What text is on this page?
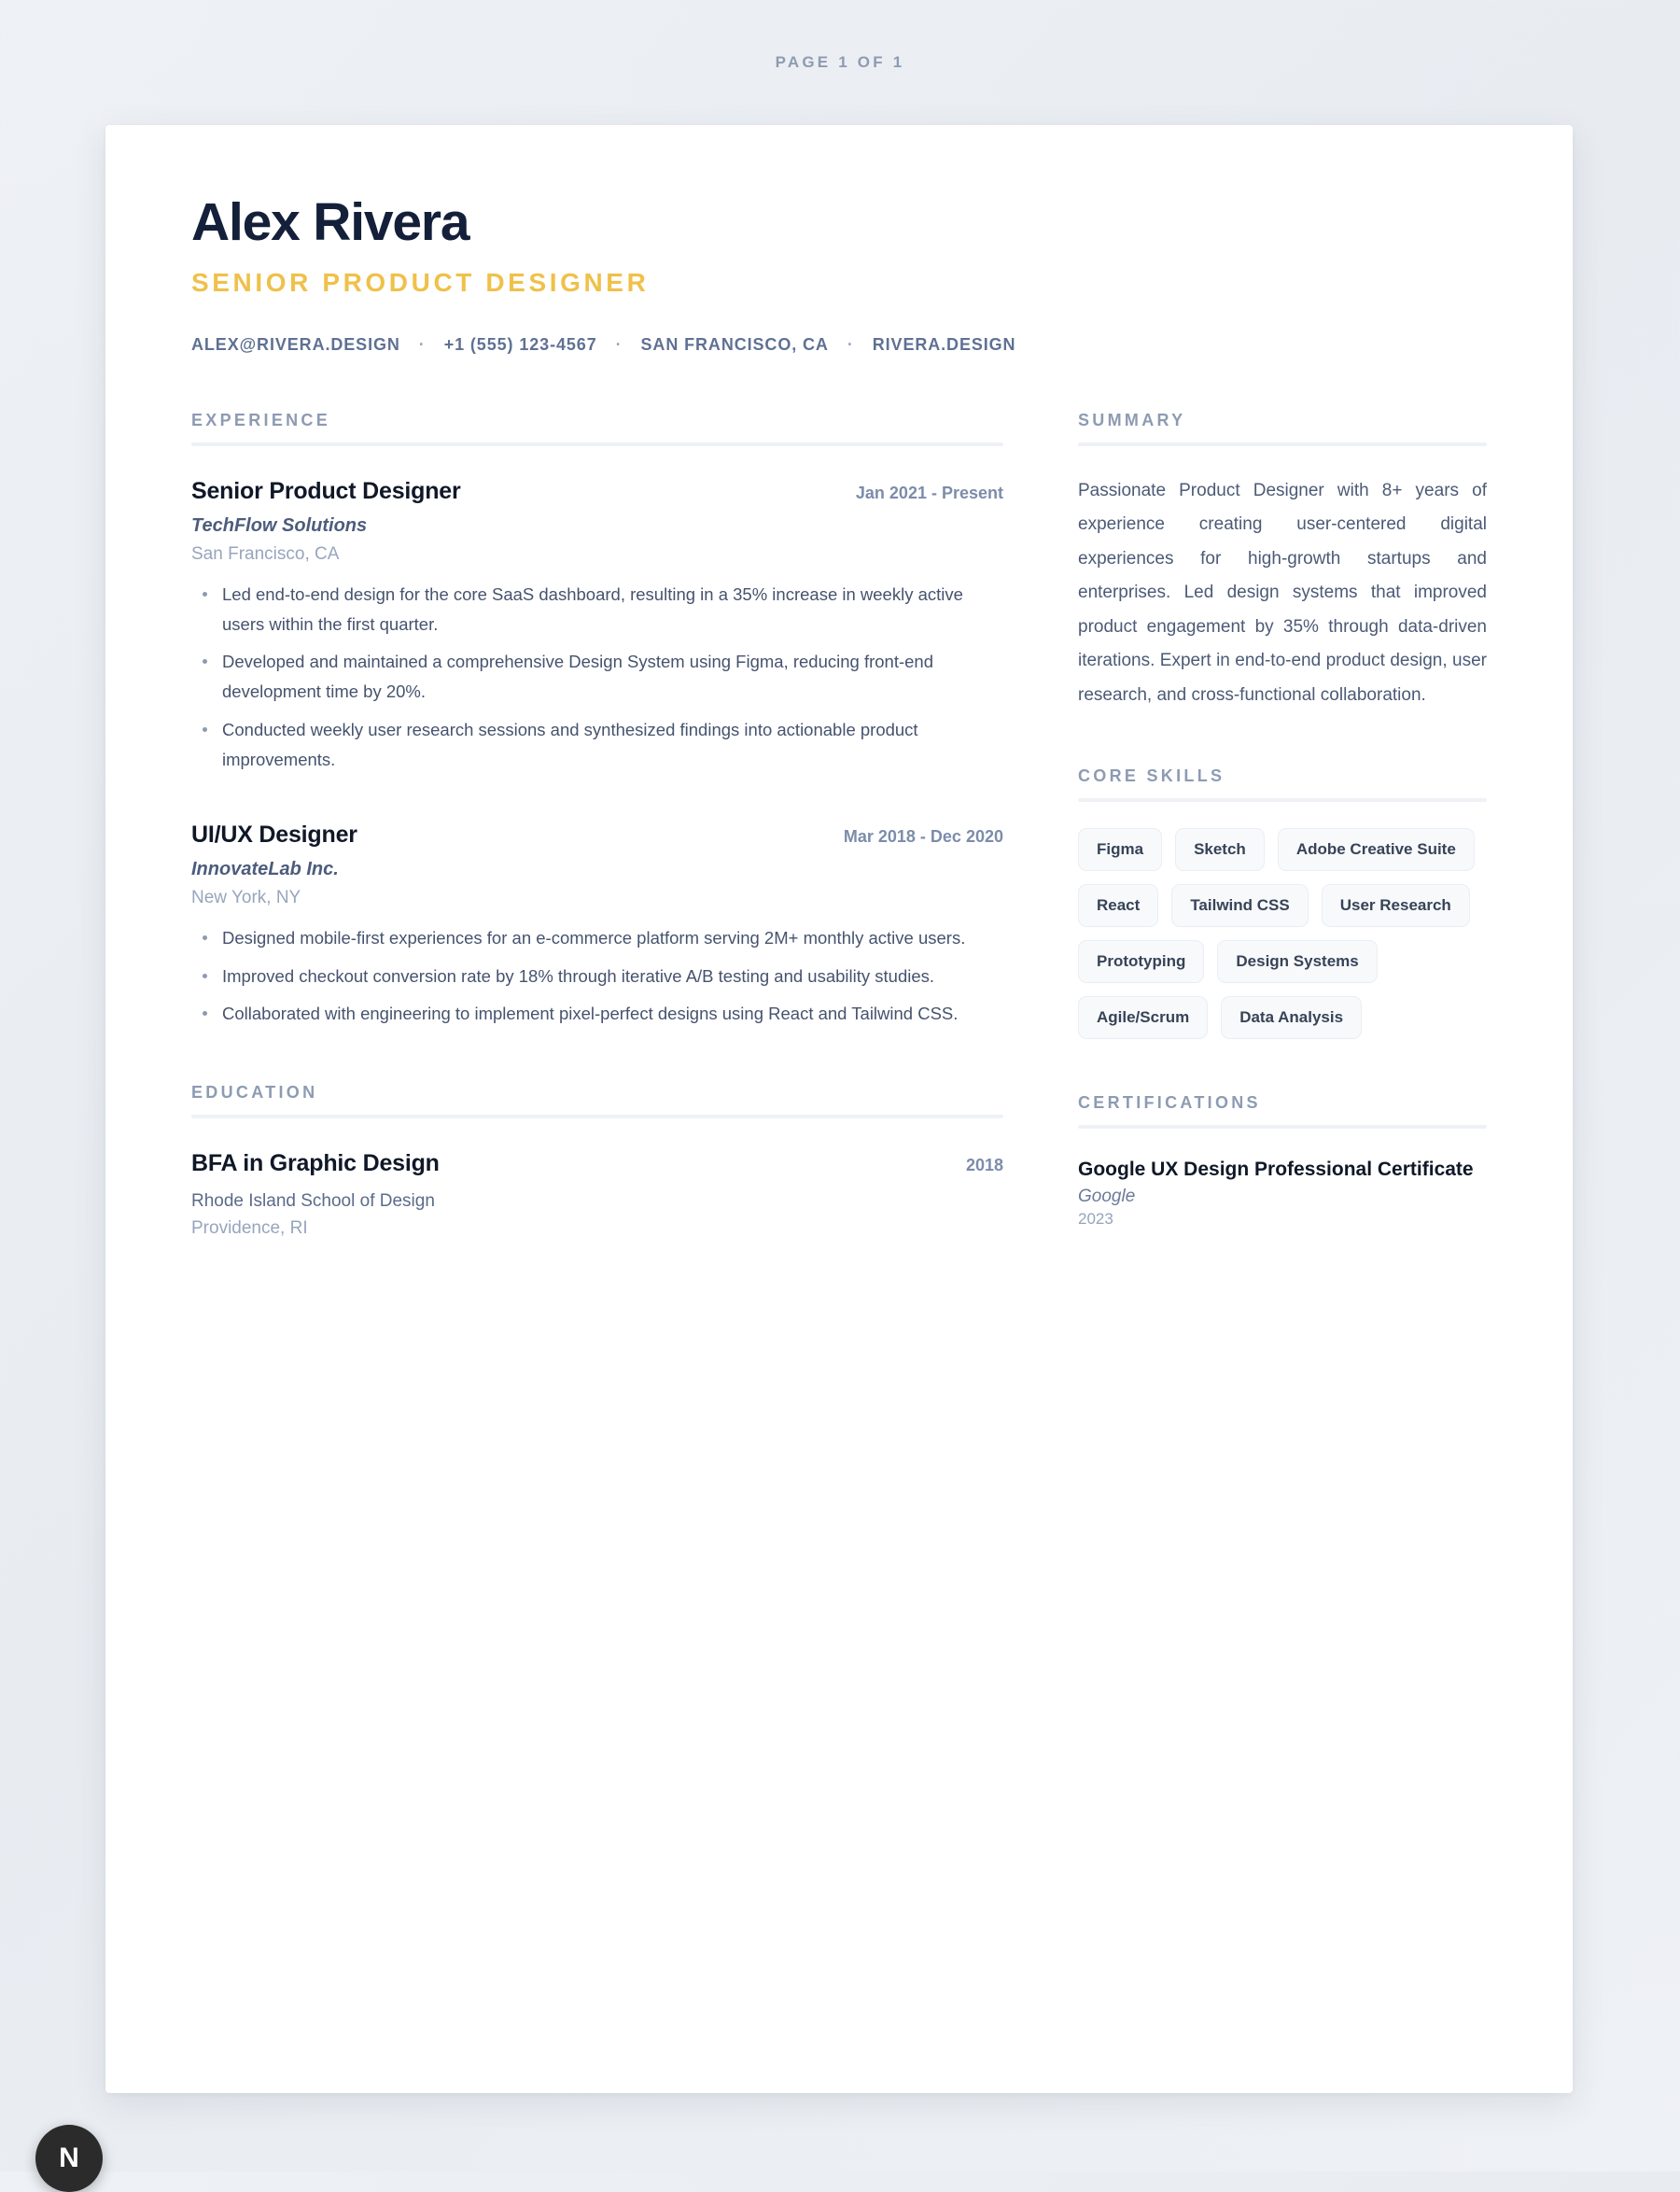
PAGE 1 OF 1
Alex Rivera
SENIOR PRODUCT DESIGNER
ALEX@RIVERA.DESIGN	·	+1 (555) 123-4567	·	SAN FRANCISCO, CA	·	RIVERA.DESIGN
EXPERIENCE
Senior Product Designer	Jan 2021 - Present
TechFlow Solutions
San Francisco, CA
Led end-to-end design for the core SaaS dashboard, resulting in a 35% increase in weekly active users within the first quarter.
Developed and maintained a comprehensive Design System using Figma, reducing front-end development time by 20%.
Conducted weekly user research sessions and synthesized findings into actionable product improvements.
UI/UX Designer	Mar 2018 - Dec 2020
InnovateLab Inc.
New York, NY
Designed mobile-first experiences for an e-commerce platform serving 2M+ monthly active users.
Improved checkout conversion rate by 18% through iterative A/B testing and usability studies.
Collaborated with engineering to implement pixel-perfect designs using React and Tailwind CSS.
EDUCATION
BFA in Graphic Design	2018
Rhode Island School of Design
Providence, RI
SUMMARY

Passionate Product Designer with 8+ years of experience creating user-centered digital experiences for high-growth startups and enterprises. Led design systems that improved product engagement by 35% through data-driven iterations. Expert in end-to-end product design, user research, and cross-functional collaboration.

CORE SKILLS
Figma	Sketch	Adobe Creative Suite
React	Tailwind CSS	User Research
Prototyping	Design Systems
Agile/Scrum	Data Analysis
CERTIFICATIONS
Google UX Design Professional Certificate
Google
2023
N
